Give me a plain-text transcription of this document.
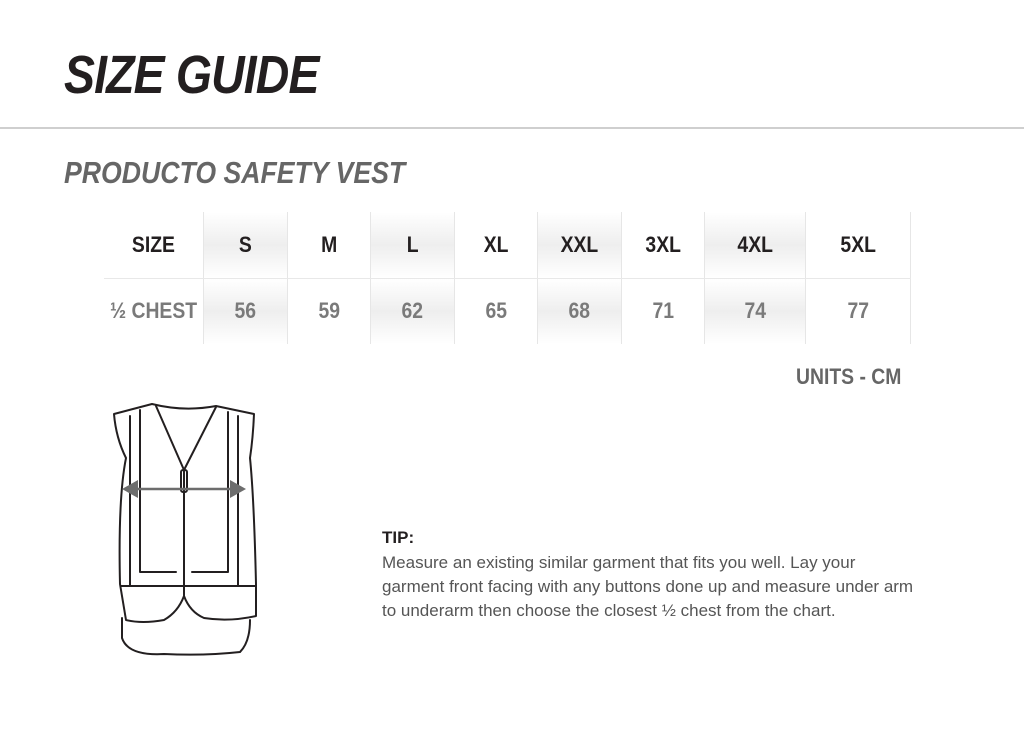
SIZE GUIDE
PRODUCTO SAFETY VEST
SIZE	S	M	L	XL	XXL	3XL	4XL	5XL
½ CHEST	56	59	62	65	68	71	74	77
UNITS - CM
TIP:
Measure an existing similar garment that fits you well. Lay your garment front facing with any buttons done up and measure under arm to underarm then choose the closest ½ chest from the chart.
